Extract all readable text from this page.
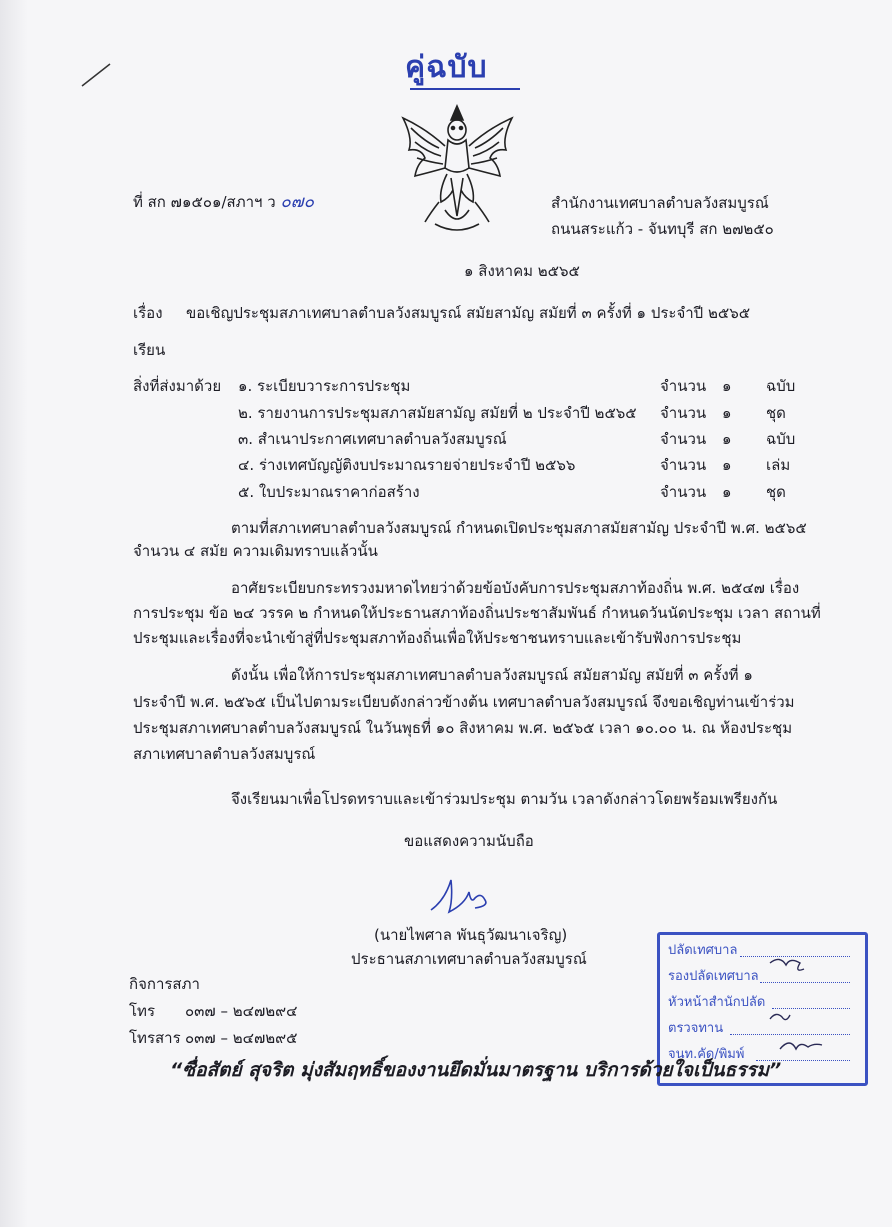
คู่ฉบับ
ที่ สก ๗๑๕๐๑/สภาฯ ว ๐๗๐	สำนักงานเทศบาลตำบลวังสมบูรณ์
ถนนสระแก้ว - จันทบุรี สก ๒๗๒๕๐
๑ สิงหาคม ๒๕๖๕
เรื่อง ขอเชิญประชุมสภาเทศบาลตำบลวังสมบูรณ์ สมัยสามัญ สมัยที่ ๓ ครั้งที่ ๑ ประจำปี ๒๕๖๕
เรียน
สิ่งที่ส่งมาด้วย ๑. ระเบียบวาระการประชุม	จำนวน ๑ ฉบับ
๒. รายงานการประชุมสภาสมัยสามัญ สมัยที่ ๒ ประจำปี ๒๕๖๕ จำนวน ๑ ชุด
๓. สำเนาประกาศเทศบาลตำบลวังสมบูรณ์	จำนวน ๑ ฉบับ
๔. ร่างเทศบัญญัติงบประมาณรายจ่ายประจำปี ๒๕๖๖	จำนวน ๑ เล่ม
๕. ใบประมาณราคาก่อสร้าง	จำนวน ๑ ชุด
ตามที่สภาเทศบาลตำบลวังสมบูรณ์ กำหนดเปิดประชุมสภาสมัยสามัญ ประจำปี พ.ศ. ๒๕๖๕
จำนวน ๔ สมัย ความเดิมทราบแล้วนั้น
อาศัยระเบียบกระทรวงมหาดไทยว่าด้วยข้อบังคับการประชุมสภาท้องถิ่น พ.ศ. ๒๕๔๗ เรื่อง
การประชุม ข้อ ๒๔ วรรค ๒ กำหนดให้ประธานสภาท้องถิ่นประชาสัมพันธ์ กำหนดวันนัดประชุม เวลา สถานที่
ประชุมและเรื่องที่จะนำเข้าสู่ที่ประชุมสภาท้องถิ่นเพื่อให้ประชาชนทราบและเข้ารับฟังการประชุม
ดังนั้น เพื่อให้การประชุมสภาเทศบาลตำบลวังสมบูรณ์ สมัยสามัญ สมัยที่ ๓ ครั้งที่ ๑
ประจำปี พ.ศ. ๒๕๖๕ เป็นไปตามระเบียบดังกล่าวข้างต้น เทศบาลตำบลวังสมบูรณ์ จึงขอเชิญท่านเข้าร่วม
ประชุมสภาเทศบาลตำบลวังสมบูรณ์ ในวันพุธที่ ๑๐ สิงหาคม พ.ศ. ๒๕๖๕ เวลา ๑๐.๐๐ น. ณ ห้องประชุม
สภาเทศบาลตำบลวังสมบูรณ์
จึงเรียนมาเพื่อโปรดทราบและเข้าร่วมประชุม ตามวัน เวลาดังกล่าวโดยพร้อมเพรียงกัน
ขอแสดงความนับถือ
(นายไพศาล พันธุวัฒนาเจริญ)
ประธานสภาเทศบาลตำบลวังสมบูรณ์
กิจการสภา
โทร ๐๓๗ – ๒๔๗๒๙๔
โทรสาร ๐๓๗ – ๒๔๗๒๙๕
ปลัดเทศบาล
รองปลัดเทศบาล
หัวหน้าสำนักปลัด
ตรวจทาน
จนท.คัด/พิมพ์
“ซื่อสัตย์ สุจริต มุ่งสัมฤทธิ์ของงานยึดมั่นมาตรฐาน บริการด้วยใจเป็นธรรม”
